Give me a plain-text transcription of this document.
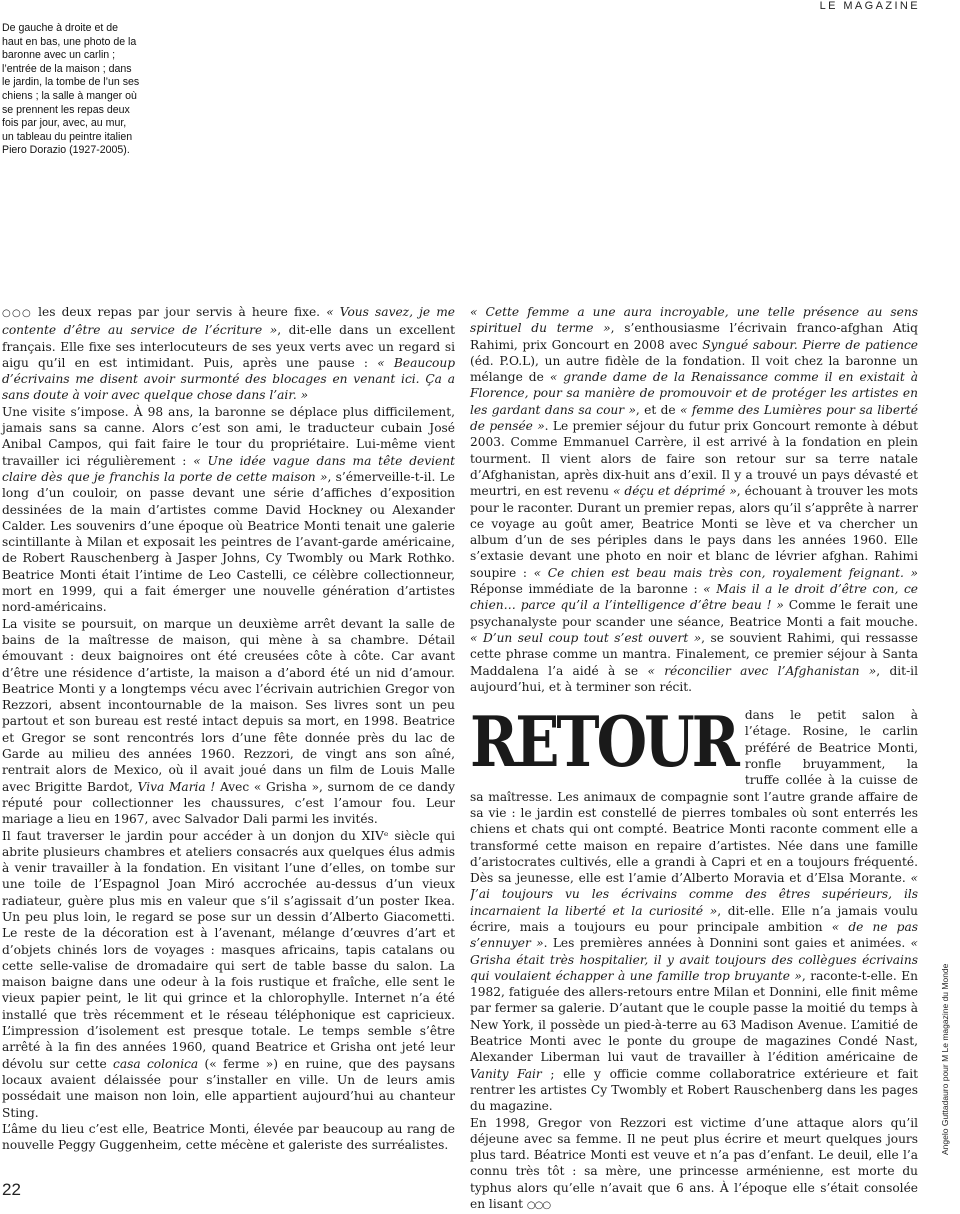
LE MAGAZINE
De gauche à droite et de haut en bas, une photo de la baronne avec un carlin ; l’entrée de la maison ; dans le jardin, la tombe de l’un ses chiens ; la salle à manger où se prennent les repas deux fois par jour, avec, au mur, un tableau du peintre italien Piero Dorazio (1927-2005).

○○○ les deux repas par jour servis à heure fixe. « Vous savez, je me contente d’être au service de l’écriture », dit-elle dans un excellent français. Elle fixe ses interlocuteurs de ses yeux verts avec un regard si aigu qu’il en est intimidant. Puis, après une pause : « Beaucoup d’écrivains me disent avoir surmonté des blocages en venant ici. Ça a sans doute à voir avec quelque chose dans l’air. »

Une visite s’impose. À 98 ans, la baronne se déplace plus difficilement, jamais sans sa canne. Alors c’est son ami, le traducteur cubain José Anibal Campos, qui fait faire le tour du propriétaire. Lui-même vient travailler ici régulièrement : « Une idée vague dans ma tête devient claire dès que je franchis la porte de cette maison », s’émerveille-t-il. Le long d’un couloir, on passe devant une série d’affiches d’exposition dessinées de la main d’artistes comme David Hockney ou Alexander Calder. Les souvenirs d’une époque où Beatrice Monti tenait une galerie scintillante à Milan et exposait les peintres de l’avant-garde américaine, de Robert Rauschenberg à Jasper Johns, Cy Twombly ou Mark Rothko. Beatrice Monti était l’intime de Leo Castelli, ce célèbre collectionneur, mort en 1999, qui a fait émerger une nouvelle génération d’artistes nord-américains.

La visite se poursuit, on marque un deuxième arrêt devant la salle de bains de la maîtresse de maison, qui mène à sa chambre. Détail émouvant : deux baignoires ont été creusées côte à côte. Car avant d’être une résidence d’artiste, la maison a d’abord été un nid d’amour. Beatrice Monti y a longtemps vécu avec l’écrivain autrichien Gregor von Rezzori, absent incontournable de la maison. Ses livres sont un peu partout et son bureau est resté intact depuis sa mort, en 1998. Beatrice et Gregor se sont rencontrés lors d’une fête donnée près du lac de Garde au milieu des années 1960. Rezzori, de vingt ans son aîné, rentrait alors de Mexico, où il avait joué dans un film de Louis Malle avec Brigitte Bardot, Viva Maria ! Avec « Grisha », surnom de ce dandy réputé pour collectionner les chaussures, c’est l’amour fou. Leur mariage a lieu en 1967, avec Salvador Dali parmi les invités.

Il faut traverser le jardin pour accéder à un donjon du XIVᵉ siècle qui abrite plusieurs chambres et ateliers consacrés aux quelques élus admis à venir travailler à la fondation. En visitant l’une d’elles, on tombe sur une toile de l’Espagnol Joan Miró accrochée au-dessus d’un vieux radiateur, guère plus mis en valeur que s’il s’agissait d’un poster Ikea. Un peu plus loin, le regard se pose sur un dessin d’Alberto Giacometti. Le reste de la décoration est à l’avenant, mélange d’œuvres d’art et d’objets chinés lors de voyages : masques africains, tapis catalans ou cette selle-valise de dromadaire qui sert de table basse du salon. La maison baigne dans une odeur à la fois rustique et fraîche, elle sent le vieux papier peint, le lit qui grince et la chlorophylle. Internet n’a été installé que très récemment et le réseau téléphonique est capricieux. L’impression d’isolement est presque totale. Le temps semble s’être arrêté à la fin des années 1960, quand Beatrice et Grisha ont jeté leur dévolu sur cette casa colonica (« ferme ») en ruine, que des paysans locaux avaient délaissée pour s’installer en ville. Un de leurs amis possédait une maison non loin, elle appartient aujourd’hui au chanteur Sting.

L’âme du lieu c’est elle, Beatrice Monti, élevée par beaucoup au rang de nouvelle Peggy Guggenheim, cette mécène et galeriste des surréalistes.

« Cette femme a une aura incroyable, une telle présence au sens spirituel du terme », s’enthousiasme l’écrivain franco-afghan Atiq Rahimi, prix Goncourt en 2008 avec Syngué sabour. Pierre de patience (éd. P.O.L), un autre fidèle de la fondation. Il voit chez la baronne un mélange de « grande dame de la Renaissance comme il en existait à Florence, pour sa manière de promouvoir et de protéger les artistes en les gardant dans sa cour », et de « femme des Lumières pour sa liberté de pensée ». Le premier séjour du futur prix Goncourt remonte à début 2003. Comme Emmanuel Carrère, il est arrivé à la fondation en plein tourment. Il vient alors de faire son retour sur sa terre natale d’Afghanistan, après dix-huit ans d’exil. Il y a trouvé un pays dévasté et meurtri, en est revenu « déçu et déprimé », échouant à trouver les mots pour le raconter. Durant un premier repas, alors qu’il s’apprête à narrer ce voyage au goût amer, Beatrice Monti se lève et va chercher un album d’un de ses périples dans le pays dans les années 1960. Elle s’extasie devant une photo en noir et blanc de lévrier afghan. Rahimi soupire : « Ce chien est beau mais très con, royalement feignant. » Réponse immédiate de la baronne : « Mais il a le droit d’être con, ce chien… parce qu’il a l’intelligence d’être beau ! » Comme le ferait une psychanalyste pour scander une séance, Beatrice Monti a fait mouche. « D’un seul coup tout s’est ouvert », se souvient Rahimi, qui ressasse cette phrase comme un mantra. Finalement, ce premier séjour à Santa Maddalena l’a aidé à se « réconcilier avec l’Afghanistan », dit-il aujourd’hui, et à terminer son récit.

RETOUR dans le petit salon à l’étage. Rosine, le carlin préféré de Beatrice Monti, ronfle bruyamment, la truffe collée à la cuisse de sa maîtresse. Les animaux de compagnie sont l’autre grande affaire de sa vie : le jardin est constellé de pierres tombales où sont enterrés les chiens et chats qui ont compté. Beatrice Monti raconte comment elle a transformé cette maison en repaire d’artistes. Née dans une famille d’aristocrates cultivés, elle a grandi à Capri et en a toujours fréquenté. Dès sa jeunesse, elle est l’amie d’Alberto Moravia et d’Elsa Morante. « J’ai toujours vu les écrivains comme des êtres supérieurs, ils incarnaient la liberté et la curiosité », dit-elle. Elle n’a jamais voulu écrire, mais a toujours eu pour principale ambition « de ne pas s’ennuyer ». Les premières années à Donnini sont gaies et animées. « Grisha était très hospitalier, il y avait toujours des collègues écrivains qui voulaient échapper à une famille trop bruyante », raconte-t-elle. En 1982, fatiguée des allers-retours entre Milan et Donnini, elle finit même par fermer sa galerie. D’autant que le couple passe la moitié du temps à New York, il possède un pied-à-terre au 63 Madison Avenue. L’amitié de Beatrice Monti avec le ponte du groupe de magazines Condé Nast, Alexander Liberman lui vaut de travailler à l’édition américaine de Vanity Fair ; elle y officie comme collaboratrice extérieure et fait rentrer les artistes Cy Twombly et Robert Rauschenberg dans les pages du magazine.

En 1998, Gregor von Rezzori est victime d’une attaque alors qu’il déjeune avec sa femme. Il ne peut plus écrire et meurt quelques jours plus tard. Béatrice Monti est veuve et n’a pas d’enfant. Le deuil, elle l’a connu très tôt : sa mère, une princesse arménienne, est morte du typhus alors qu’elle n’avait que 6 ans. À l’époque elle s’était consolée en lisant ○○○

Angelo Guttadauro pour M Le magazine du Monde
22
